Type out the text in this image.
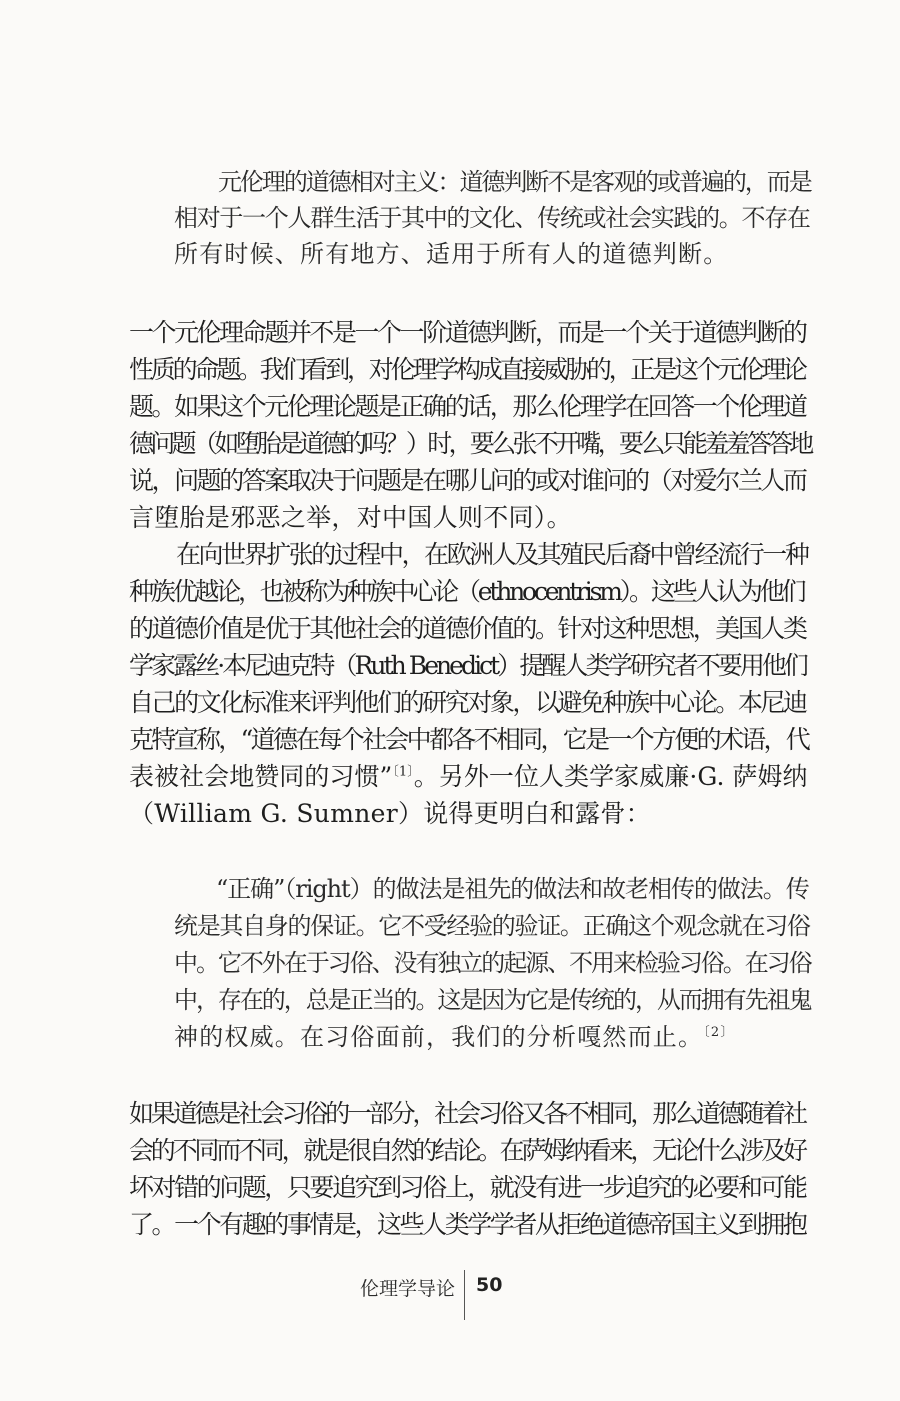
元伦理的道德相对主义：道德判断不是客观的或普遍的，而是
相对于一个人群生活于其中的文化、传统或社会实践的。不存在
所有时候、所有地方、适用于所有人的道德判断。
一个元伦理命题并不是一个一阶道德判断，而是一个关于道德判断的
性质的命题。我们看到，对伦理学构成直接威胁的，正是这个元伦理论
题。如果这个元伦理论题是正确的话，那么伦理学在回答一个伦理道
德问题（如堕胎是道德的吗？）时，要么张不开嘴，要么只能羞羞答答地
说，问题的答案取决于问题是在哪儿问的或对谁问的（对爱尔兰人而
言堕胎是邪恶之举，对中国人则不同）。
在向世界扩张的过程中，在欧洲人及其殖民后裔中曾经流行一种
种族优越论，也被称为种族中心论（ethnocentrism）。这些人认为他们
的道德价值是优于其他社会的道德价值的。针对这种思想，美国人类
学家露丝·本尼迪克特（Ruth Benedict）提醒人类学研究者不要用他们
自己的文化标准来评判他们的研究对象，以避免种族中心论。本尼迪
克特宣称，“道德在每个社会中都各不相同，它是一个方便的术语，代
表被社会地赞同的习惯”$^{〔1〕}$。另外一位人类学家威廉·G. 萨姆纳
（William G. Sumner）说得更明白和露骨：
“正确”（right）的做法是祖先的做法和故老相传的做法。传
统是其自身的保证。它不受经验的验证。正确这个观念就在习俗
中。它不外在于习俗、没有独立的起源、不用来检验习俗。在习俗
中，存在的，总是正当的。这是因为它是传统的，从而拥有先祖鬼
神的权威。在习俗面前，我们的分析嘎然而止。$^{〔2〕}$
如果道德是社会习俗的一部分，社会习俗又各不相同，那么道德随着社
会的不同而不同，就是很自然的结论。在萨姆纳看来，无论什么涉及好
坏对错的问题，只要追究到习俗上，就没有进一步追究的必要和可能
了。一个有趣的事情是，这些人类学学者从拒绝道德帝国主义到拥抱
伦理学导论 50
